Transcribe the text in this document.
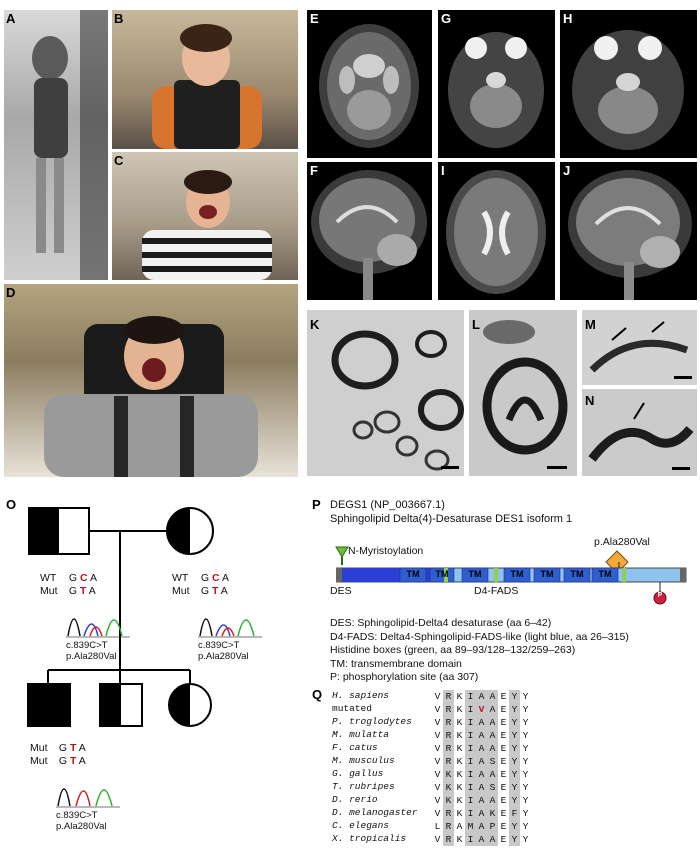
A	B
C
D
E
F
G	H
I	J
K	L	M
N
O
WT G C A
Mut G T A
c.839C>T
p.Ala280Val
WT G C A
Mut G T A
c.839C>T
p.Ala280Val
Mut G T A
Mut G T A
c.839C>T
p.Ala280Val
P DEGS1 (NP_003667.1)
Sphingolipid Delta(4)-Desaturase DES1 isoform 1
N-Myristoylation
p.Ala280Val
P
TM	TM	TM	TM	TM	TM	TM
DES	D4-FADS
DES: Sphingolipid-Delta4 desaturase (aa 6–42)
D4-FADS: Delta4-Sphingolipid-FADS-like (light blue, aa 26–315)
Histidine boxes (green, aa 89–93/128–132/259–263)
TM: transmembrane domain
P: phosphorylation site (aa 307)
Q H. sapiens	V R K I A A E Y Y
mutated	V R K I V A E Y Y
P. troglodytes V R K I A A E Y Y
M. mulatta	V R K I A A E Y Y
F. catus	V R K I A A E Y Y
M. musculus	V R K I A S E Y Y
G. gallus	V K K I A A E Y Y
T. rubripes	V K K I A S E Y Y
D. rerio	V K K I A A E Y Y
D. melanogaster V R K I A K E F Y
C. elegans	L R A M A P E Y Y
X. tropicalis	V R K I A A E Y Y
